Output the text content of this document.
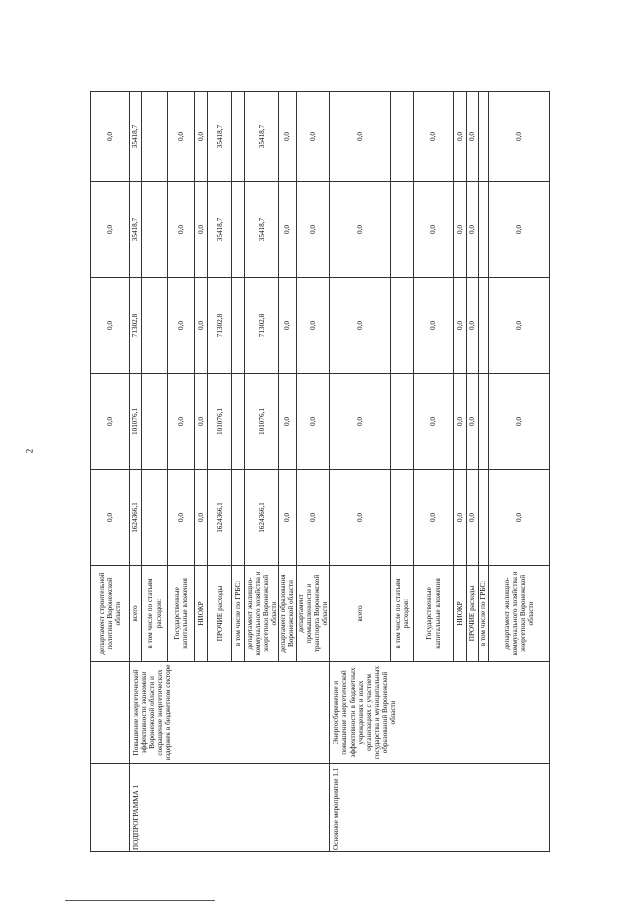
2
		департамент строительной политики Воронежской области	0,0	0,0	0,0	0,0	0,0
ПОДПРОГРАММА 1	Повышение энергетической эффективности экономики Воронежской области и сокращение энергетических издержек в бюджетном секторе	всего	1624366,1	101076,1	71302,8	35418,7	35418,7
		в том числе по статьям расходов:					
		Государственные капитальные вложения	0,0	0,0	0,0	0,0	0,0
		НИОКР	0,0	0,0	0,0	0,0	0,0
		ПРОЧИЕ расходы	1624366,1	101076,1	71302,8	35418,7	35418,7
		в том числе по ГРБС:					
		департамент жилищно-коммунального хозяйства и энергетики Воронежской области	1624366,1	101076,1	71302,8	35418,7	35418,7
		департамент образования Воронежской области	0,0	0,0	0,0	0,0	0,0
		департамент промышленности и транспорта Воронежской области	0,0	0,0	0,0	0,0	0,0
Основное мероприятие 1.1	Энергосбережение и повышение энергетической эффективности в бюджетных учреждениях и иных организациях с участием государства и муниципальных образований Воронежской области	всего	0,0	0,0	0,0	0,0	0,0
		в том числе по статьям расходов:					
		Государственные капитальные вложения	0,0	0,0	0,0	0,0	0,0
		НИОКР	0,0	0,0	0,0	0,0	0,0
		ПРОЧИЕ расходы	0,0	0,0	0,0	0,0	0,0
		в том числе по ГРБС:					
		департамент жилищно-коммунального хозяйства и энергетики Воронежской области	0,0	0,0	0,0	0,0	0,0
